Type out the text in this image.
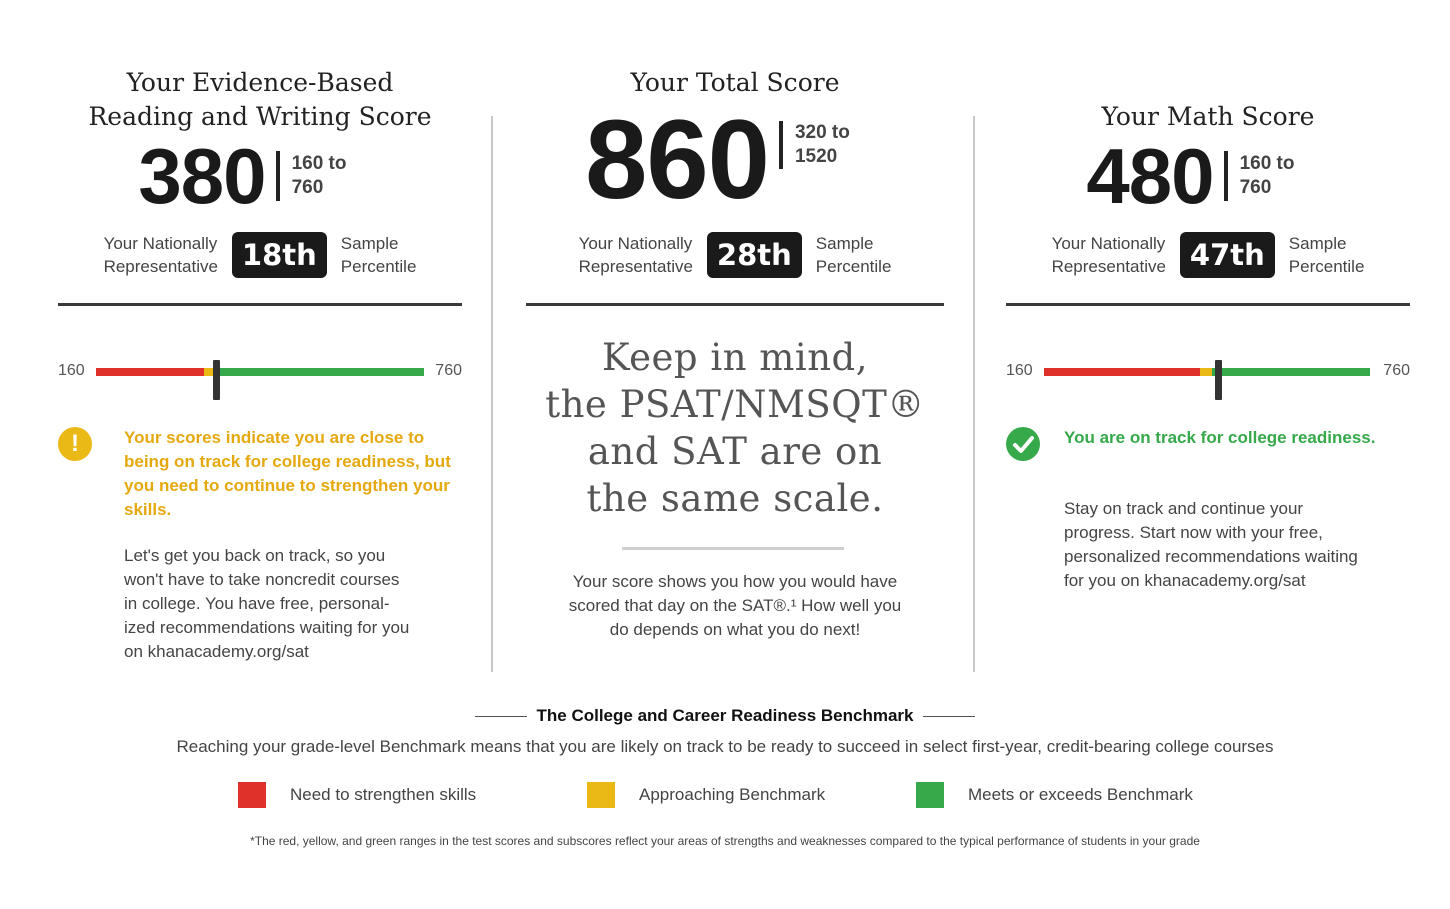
Your Evidence-Based
Reading and Writing Score
380 160 to
760
Your Nationally
Representative 18th	Sample
Percentile
160	760
!	Your scores indicate you are close to being on track for college readiness, but you need to continue to strengthen your skills.

Let's get you back on track, so you
won't have to take noncredit courses
in college. You have free, personal-
ized recommendations waiting for you
on khanacademy.org/sat

Your Total Score
860 320 to
1520
Your Nationally
Representative 28th	Sample
Percentile

Keep in mind,
the PSAT/NMSQT®
and SAT are on
the same scale.

Your score shows you how you would have
scored that day on the SAT®.¹ How well you
do depends on what you do next!

Your Math Score
480 160 to
760
Your Nationally
Representative 47th	Sample
Percentile
160	760

You are on track for college readiness.

Stay on track and continue your
progress. Start now with your free,
personalized recommendations waiting
for you on khanacademy.org/sat

The College and Career Readiness Benchmark
Reaching your grade-level Benchmark means that you are likely on track to be ready to succeed in select first-year, credit-bearing college courses
Need to strengthen skills	Approaching Benchmark	Meets or exceeds Benchmark
*The red, yellow, and green ranges in the test scores and subscores reflect your areas of strengths and weaknesses compared to the typical performance of students in your grade
